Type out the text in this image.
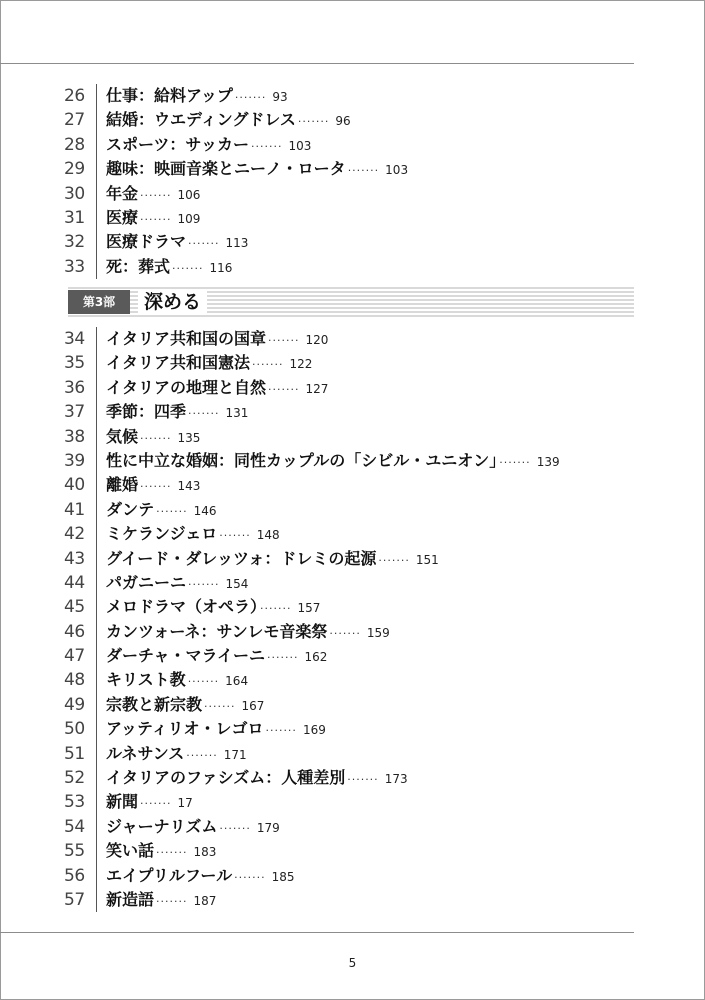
26	仕事：給料アップ ······· 93
27	結婚：ウエディングドレス ······· 96
28	スポーツ：サッカー ······· 103
29	趣味：映画音楽とニーノ・ロータ ······· 103
30	年金 ······· 106
31	医療 ······· 109
32	医療ドラマ ······· 113
33	死：葬式 ······· 116
第3部	深める
34	イタリア共和国の国章 ······· 120
35	イタリア共和国憲法 ······· 122
36	イタリアの地理と自然 ······· 127
37	季節：四季 ······· 131
38	気候 ······· 135
39	性に中立な婚姻：同性カップルの「シビル・ユニオン」 ······· 139
40	離婚 ······· 143
41	ダンテ ······· 146
42	ミケランジェロ ······· 148
43	グイード・ダレッツォ：ドレミの起源 ······· 151
44	パガニーニ ······· 154
45	メロドラマ（オペラ） ······· 157
46	カンツォーネ：サンレモ音楽祭 ······· 159
47	ダーチャ・マライーニ ······· 162
48	キリスト教 ······· 164
49	宗教と新宗教 ······· 167
50	アッティリオ・レゴロ ······· 169
51	ルネサンス ······· 171
52	イタリアのファシズム：人種差別 ······· 173
53	新聞 ······· 17
54	ジャーナリズム ······· 179
55	笑い話 ······· 183
56	エイプリルフール ······· 185
57	新造語 ······· 187
5
